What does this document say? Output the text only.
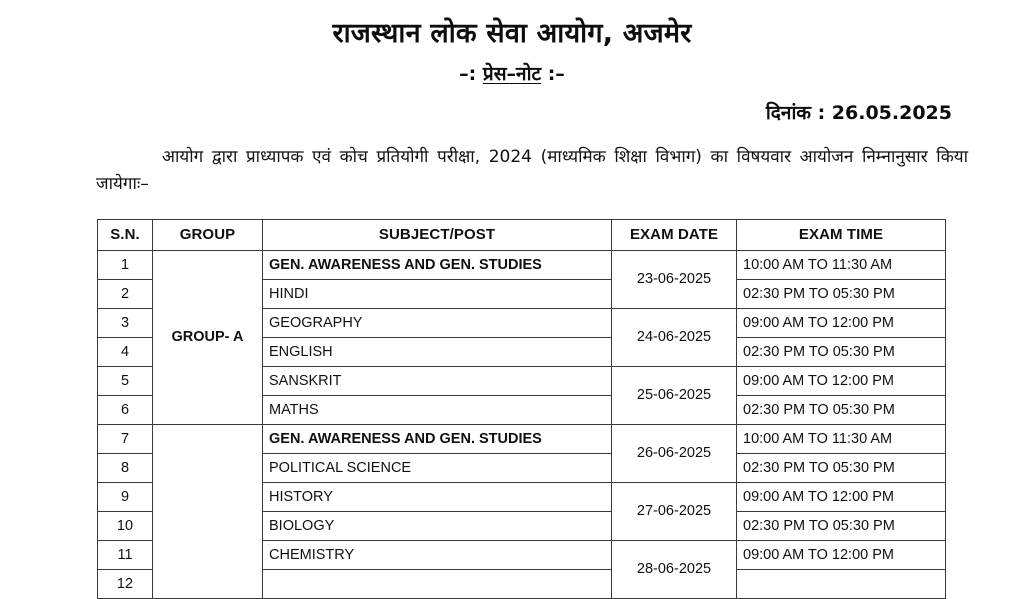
राजस्थान लोक सेवा आयोग, अजमेर
–: प्रेस–नोट :–
दिनांक : 26.05.2025

आयोग द्वारा प्राध्यापक एवं कोच प्रतियोगी परीक्षा, 2024 (माध्यमिक शिक्षा विभाग) का विषयवार आयोजन निम्नानुसार किया जायेगाः–

S.N.	GROUP	SUBJECT/POST	EXAM DATE	EXAM TIME
1	GROUP- A	GEN. AWARENESS AND GEN. STUDIES	23-06-2025	10:00 AM TO 11:30 AM
2		HINDI		02:30 PM TO 05:30 PM
3		GEOGRAPHY	24-06-2025	09:00 AM TO 12:00 PM
4		ENGLISH		02:30 PM TO 05:30 PM
5		SANSKRIT	25-06-2025	09:00 AM TO 12:00 PM
6		MATHS		02:30 PM TO 05:30 PM
7		GEN. AWARENESS AND GEN. STUDIES	26-06-2025	10:00 AM TO 11:30 AM
8		POLITICAL SCIENCE		02:30 PM TO 05:30 PM
9		HISTORY	27-06-2025	09:00 AM TO 12:00 PM
10		BIOLOGY		02:30 PM TO 05:30 PM
11		CHEMISTRY	28-06-2025	09:00 AM TO 12:00 PM
12				
